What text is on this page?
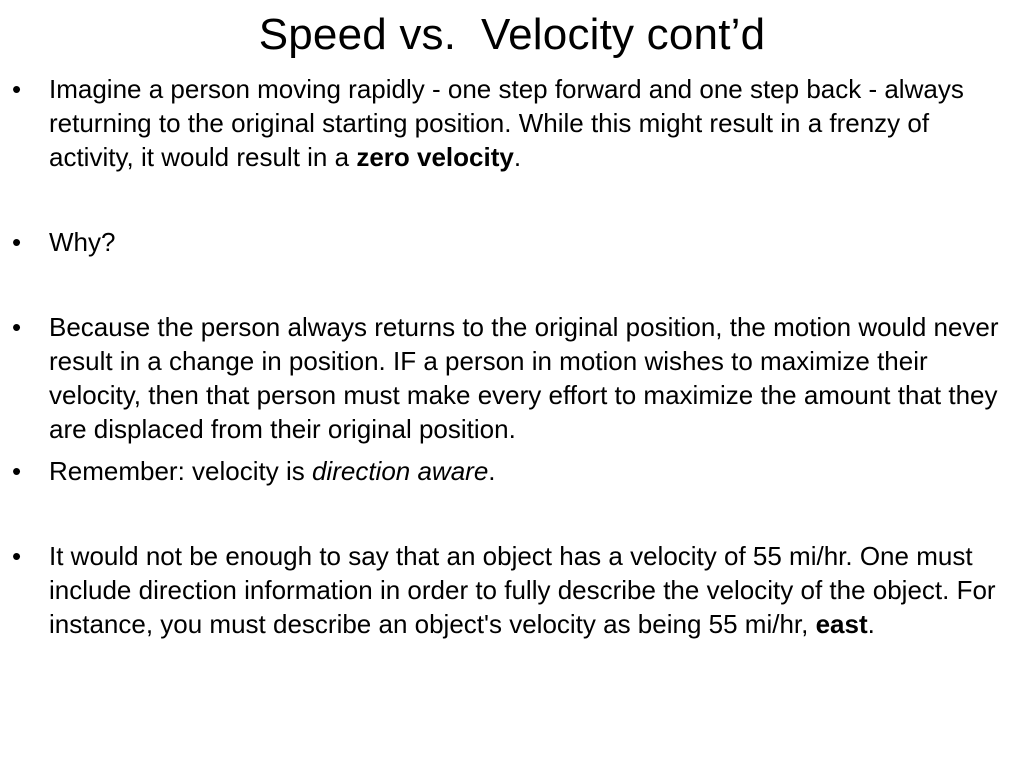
Speed vs.  Velocity cont’d
• Imagine a person moving rapidly - one step forward and one step back - always returning to the original starting position. While this might result in a frenzy of activity, it would result in a zero velocity.
• Why?
• Because the person always returns to the original position, the motion would never result in a change in position. IF a person in motion wishes to maximize their velocity, then that person must make every effort to maximize the amount that they are displaced from their original position.
• Remember: velocity is direction aware.
• It would not be enough to say that an object has a velocity of 55 mi/hr. One must include direction information in order to fully describe the velocity of the object. For instance, you must describe an object's velocity as being 55 mi/hr, east.
